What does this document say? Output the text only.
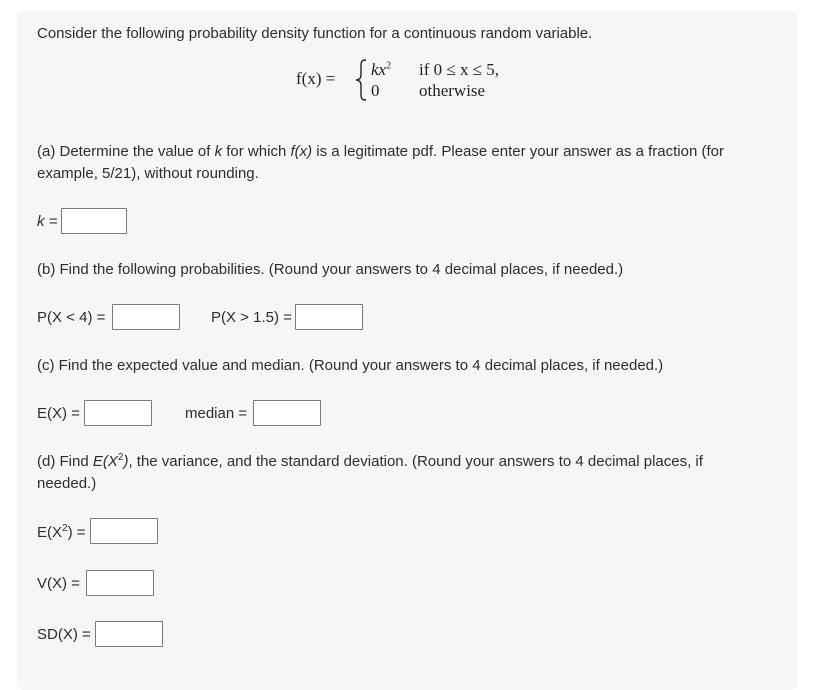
Consider the following probability density function for a continuous random variable.
$f(x) = kx^2$ if 0 ≤ x ≤ 5,
0 otherwise
(a) Determine the value of k for which f(x) is a legitimate pdf. Please enter your answer as a fraction (for example, 5/21), without rounding.
k =
(b) Find the following probabilities. (Round your answers to 4 decimal places, if needed.)
P(X < 4) =	P(X > 1.5) =
(c) Find the expected value and median. (Round your answers to 4 decimal places, if needed.)
E(X) =	median =
(d) Find $E(X^2)$, the variance, and the standard deviation. (Round your answers to 4 decimal places, if needed.)
$E(X^2)$ =
V(X) =
SD(X) =
